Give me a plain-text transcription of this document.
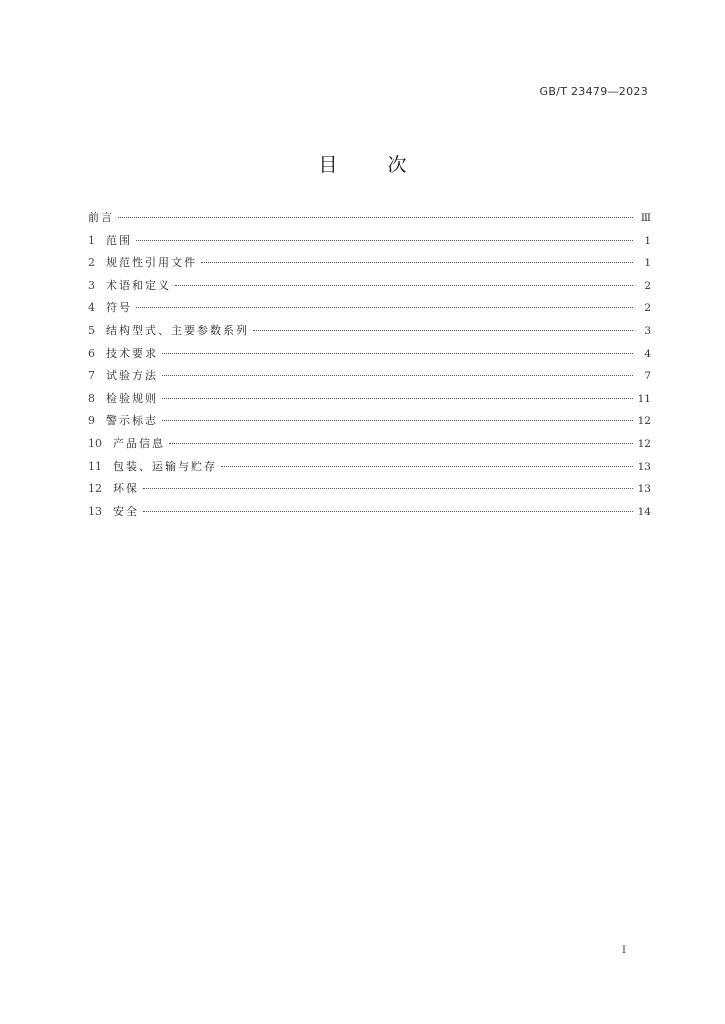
GB/T 23479—2023
目次
前言	Ⅲ
1	范围	1
2	规范性引用文件	1
3	术语和定义	2
4	符号	2
5	结构型式、主要参数系列	3
6	技术要求	4
7	试验方法	7
8	检验规则	11
9	警示标志	12
10	产品信息	12
11	包装、运输与贮存	13
12	环保	13
13	安全	14
Ⅰ
